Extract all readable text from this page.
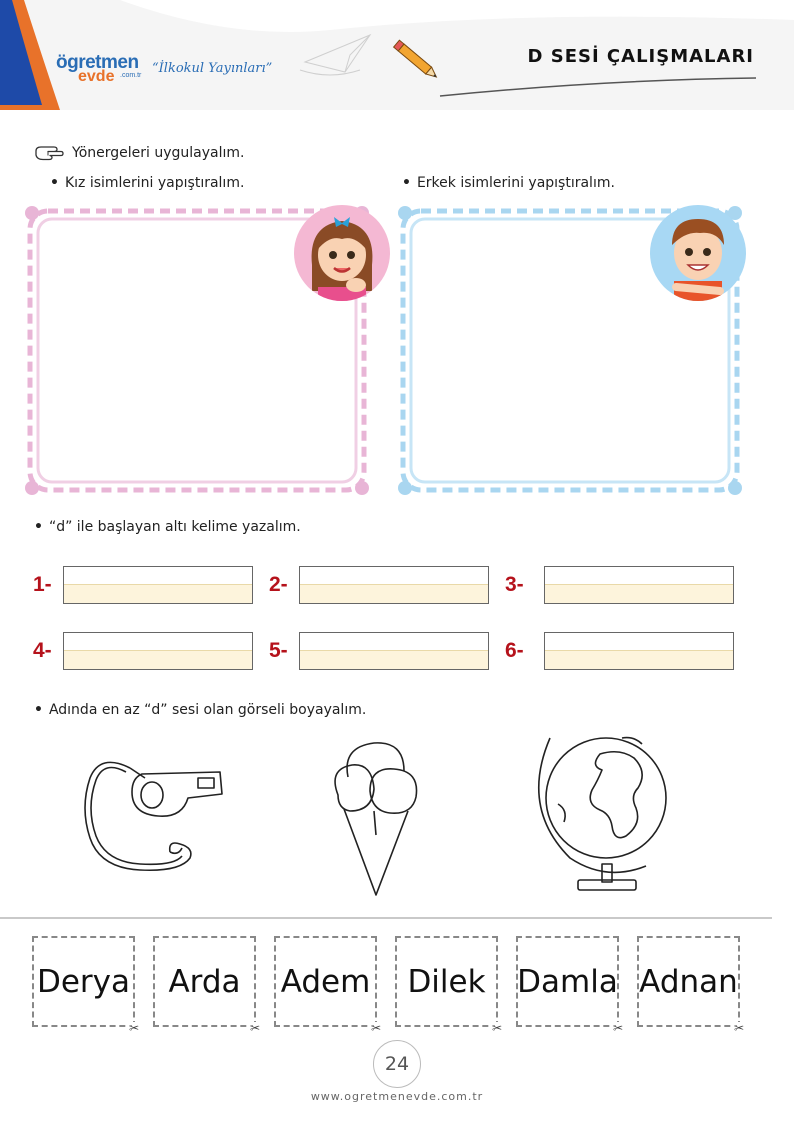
ögretmen
evde .com.tr “İlkokul Yayınları”
D SESİ ÇALIŞMALARI
Yönergeleri uygulayalım.
• Kız isimlerini yapıştıralım.	• Erkek isimlerini yapıştıralım.
• “d” ile başlayan altı kelime yazalım.
1-	2-	3-
4-	5-	6-
• Adında en az “d” sesi olan görseli boyayalım.
Derya
✂
Arda
✂
Adem
✂
Dilek
✂
Damla
✂
Adnan
✂
24
www.ogretmenevde.com.tr
